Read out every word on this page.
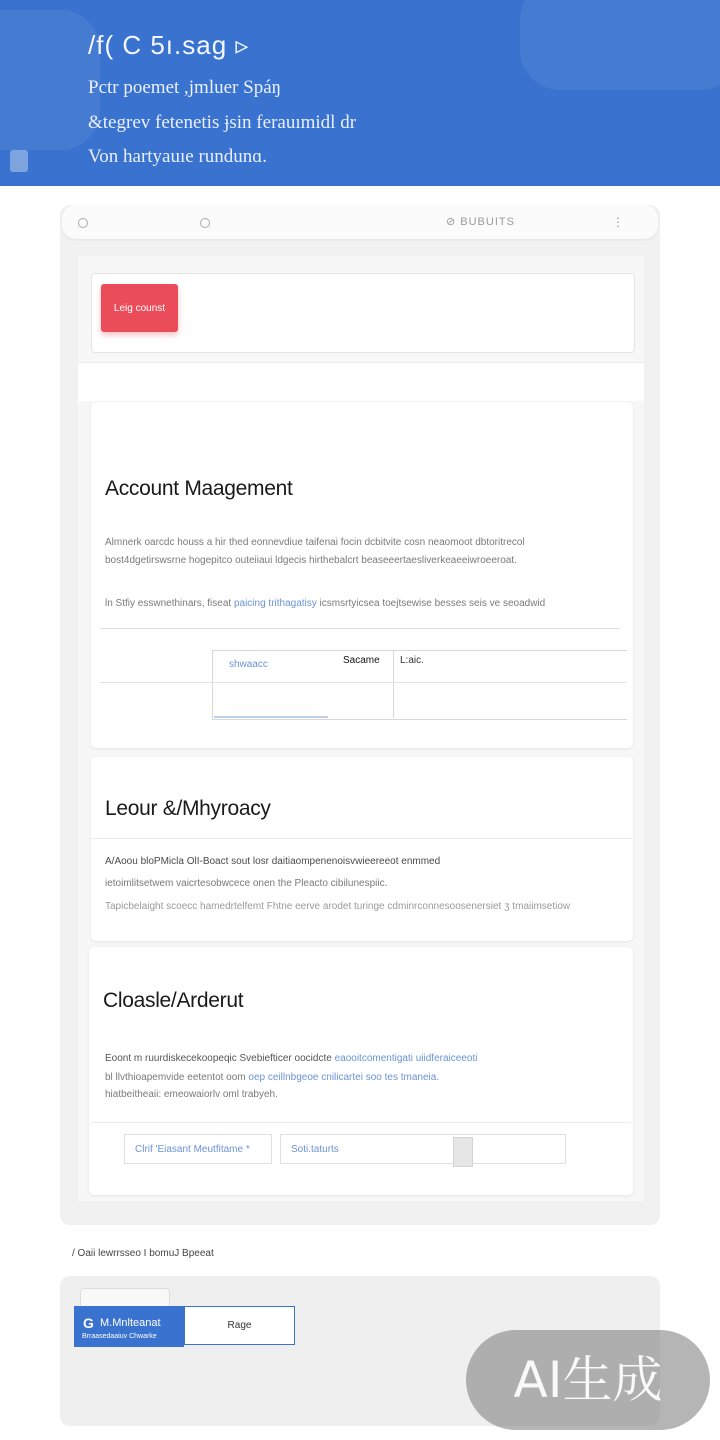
/f( C 5ı.sag ▹
Pctr poemet ,jmluer Spáŋ
&tegrev fetenetis ɉsin ferauımidl dr
Von hartyauıe rundunɑ.
⊘ BUBUITS	⋮
Leig counst
Account Maagement
Almnerk oarcdc houss a hir thed eonnevdiue taifenai focin dcbitvite cosn neaomoot dbtoritrecol
bost4dgetirswsrne hogepitco outeiiaui ldgecis hirthebalcrt beaseeertaesliverkeaeeiwroeeroat.
ln Stfiy esswnethinars, fiseat paicing trithagatisy icsmsrtyicsea toejtsewise besses seis ve seoadwid
shwaacc	Sacame L:aic.
Leour &/Mhyroacy
A/Aoou bloPMicla OlI-Boact sout losr daitiaompenenoisvwieereeot enmmed
ietoimlitsetwem vaicrtesobwcece onen the Pleacto cibilunespiic.
Tapicbelaight scoecc hamedrtelfemt Fhtne eerve arodet turinge cdminrconnesoosenersiet ʒ tmaiimsetiow
Cloasle/Arderut
Eoont m ruurdiskecekoopeqic Svebiefticer oocidcte eaooitcomentigati uiidferaiceeoti
bl llvthioapemvide eetentot oom oep ceillnbgeoe cnilicartei soo tes tmaneia.
hiatbeitheaii: emeowaiorlv oml trabyeh.
Clrif 'Eiasant Meutfitame *	Soti.taturts
/ Oaii lewrrsseo I bomuJ Bpeeat
G M.Mnlteanat
Brraasedaaiuv Chwarke
Rage
AI生成
